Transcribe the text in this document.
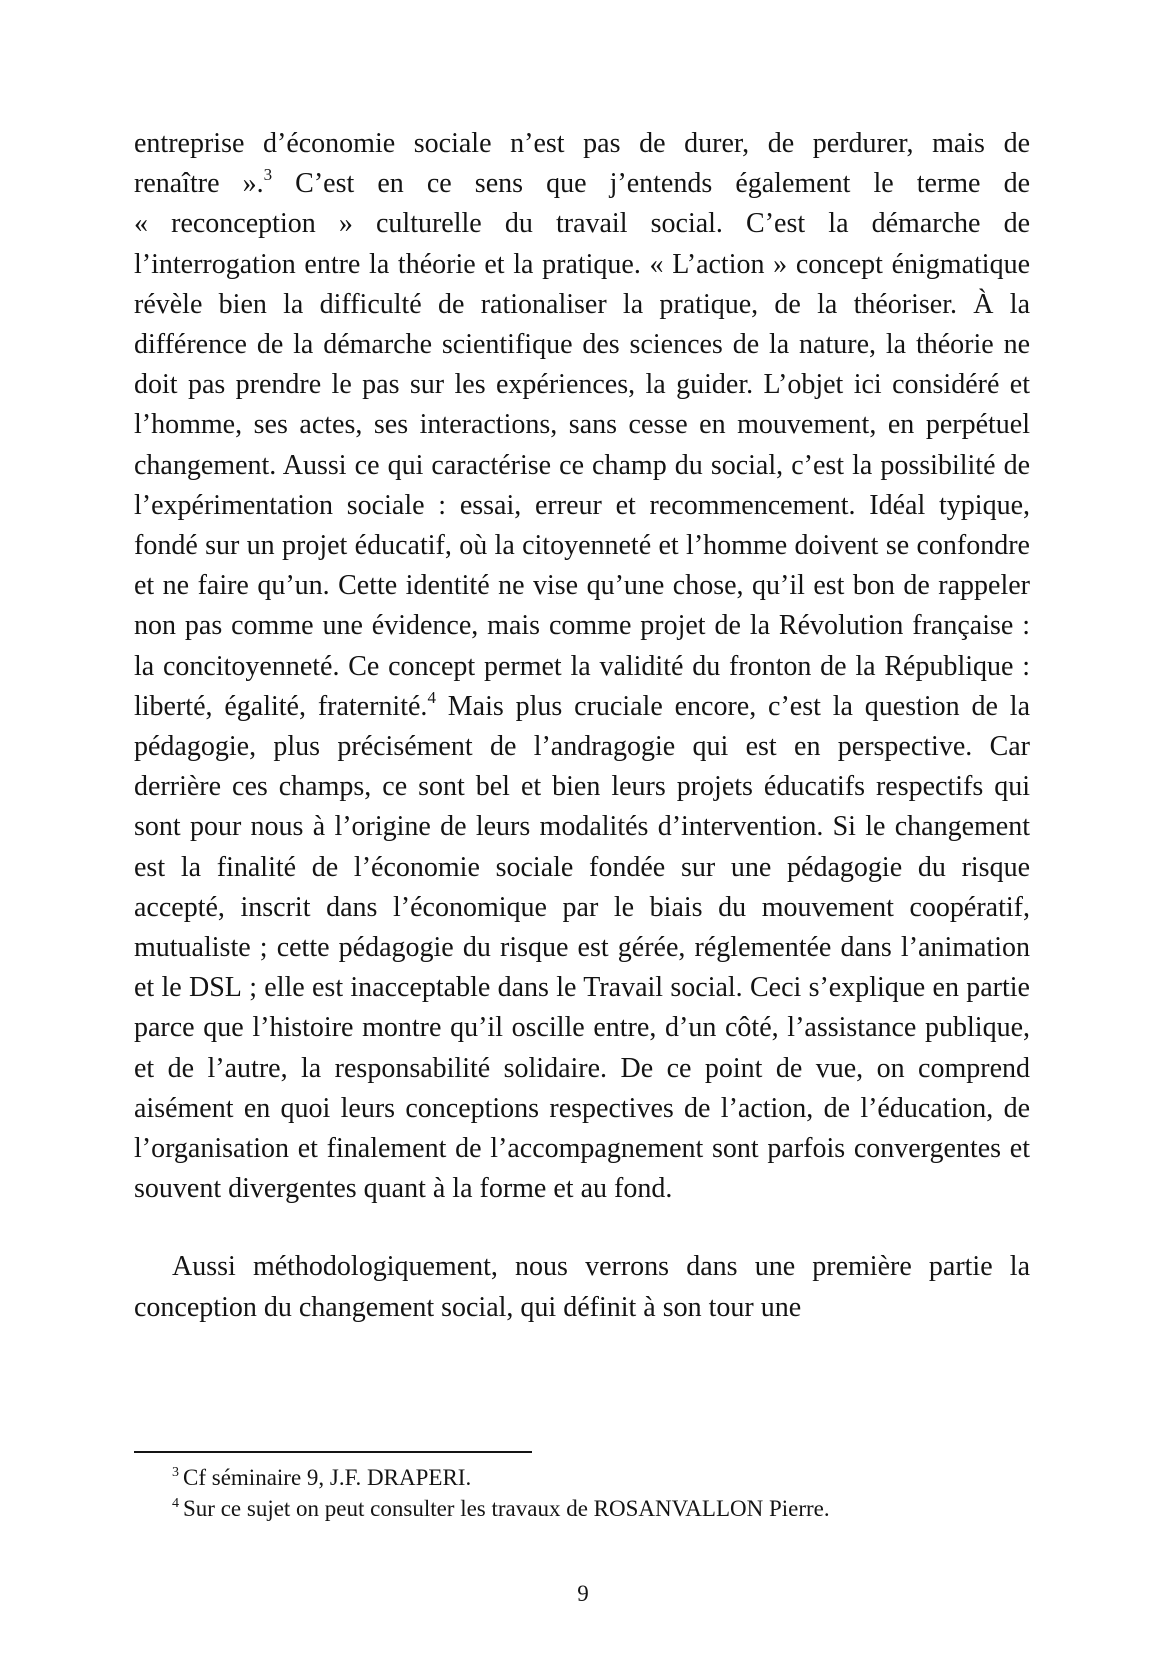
entreprise d’économie sociale n’est pas de durer, de perdurer, mais de renaître ».$^3$ C’est en ce sens que j’entends également le terme de « reconception » culturelle du travail social. C’est la démarche de l’interrogation entre la théorie et la pratique. « L’action » concept énigmatique révèle bien la difficulté de rationaliser la pratique, de la théoriser. À la différence de la démarche scientifique des sciences de la nature, la théorie ne doit pas prendre le pas sur les expériences, la guider. L’objet ici considéré et l’homme, ses actes, ses interactions, sans cesse en mouvement, en perpétuel changement. Aussi ce qui caractérise ce champ du social, c’est la possibilité de l’expérimentation sociale : essai, erreur et recommencement. Idéal typique, fondé sur un projet éducatif, où la citoyenneté et l’homme doivent se confondre et ne faire qu’un. Cette identité ne vise qu’une chose, qu’il est bon de rappeler non pas comme une évidence, mais comme projet de la Révolution française : la concitoyenneté. Ce concept permet la validité du fronton de la République : liberté, égalité, fraternité.$^4$ Mais plus cruciale encore, c’est la question de la pédagogie, plus précisément de l’andragogie qui est en perspective. Car derrière ces champs, ce sont bel et bien leurs projets éducatifs respectifs qui sont pour nous à l’origine de leurs modalités d’intervention. Si le changement est la finalité de l’économie sociale fondée sur une pédagogie du risque accepté, inscrit dans l’économique par le biais du mouvement coopératif, mutualiste ; cette pédagogie du risque est gérée, réglementée dans l’animation et le DSL ; elle est inacceptable dans le Travail social. Ceci s’explique en partie parce que l’histoire montre qu’il oscille entre, d’un côté, l’assistance publique, et de l’autre, la responsabilité solidaire. De ce point de vue, on comprend aisément en quoi leurs conceptions respectives de l’action, de l’éducation, de l’organisation et finalement de l’accompagnement sont parfois convergentes et souvent divergentes quant à la forme et au fond.

Aussi méthodologiquement, nous verrons dans une première partie la conception du changement social, qui définit à son tour une

$^3$ Cf séminaire 9, J.F. DRAPERI.

$^4$ Sur ce sujet on peut consulter les travaux de ROSANVALLON Pierre.

9
